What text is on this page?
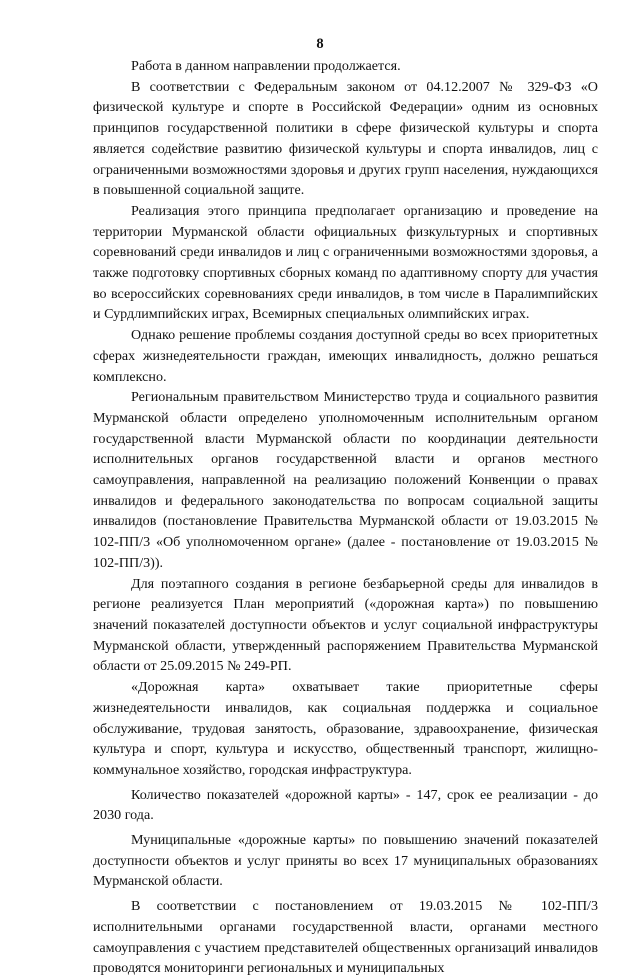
8

Работа в данном направлении продолжается.

В соответствии с Федеральным законом от 04.12.2007 № 329-ФЗ «О физической культуре и спорте в Российской Федерации» одним из основных принципов государственной политики в сфере физической культуры и спорта является содействие развитию физической культуры и спорта инвалидов, лиц с ограниченными возможностями здоровья и других групп населения, нуждающихся в повышенной социальной защите.

Реализация этого принципа предполагает организацию и проведение на территории Мурманской области официальных физкультурных и спортивных соревнований среди инвалидов и лиц с ограниченными возможностями здоровья, а также подготовку спортивных сборных команд по адаптивному спорту для участия во всероссийских соревнованиях среди инвалидов, в том числе в Паралимпийских и Сурдлимпийских играх, Всемирных специальных олимпийских играх.

Однако решение проблемы создания доступной среды во всех приоритетных сферах жизнедеятельности граждан, имеющих инвалидность, должно решаться комплексно.

Региональным правительством Министерство труда и социального развития Мурманской области определено уполномоченным исполнительным органом государственной власти Мурманской области по координации деятельности исполнительных органов государственной власти и органов местного самоуправления, направленной на реализацию положений Конвенции о правах инвалидов и федерального законодательства по вопросам социальной защиты инвалидов (постановление Правительства Мурманской области от 19.03.2015 № 102-ПП/3 «Об уполномоченном органе» (далее - постановление от 19.03.2015 № 102-ПП/3)).

Для поэтапного создания в регионе безбарьерной среды для инвалидов в регионе реализуется План мероприятий («дорожная карта») по повышению значений показателей доступности объектов и услуг социальной инфраструктуры Мурманской области, утвержденный распоряжением Правительства Мурманской области от 25.09.2015 № 249-РП.

«Дорожная карта» охватывает такие приоритетные сферы жизнедеятельности инвалидов, как социальная поддержка и социальное обслуживание, трудовая занятость, образование, здравоохранение, физическая культура и спорт, культура и искусство, общественный транспорт, жилищно-коммунальное хозяйство, городская инфраструктура.

Количество показателей «дорожной карты» - 147, срок ее реализации - до 2030 года.

Муниципальные «дорожные карты» по повышению значений показателей доступности объектов и услуг приняты во всех 17 муниципальных образованиях Мурманской области.

В соответствии с постановлением от 19.03.2015 № 102-ПП/3 исполнительными органами государственной власти, органами местного самоуправления с участием представителей общественных организаций инвалидов проводятся мониторинги региональных и муниципальных
